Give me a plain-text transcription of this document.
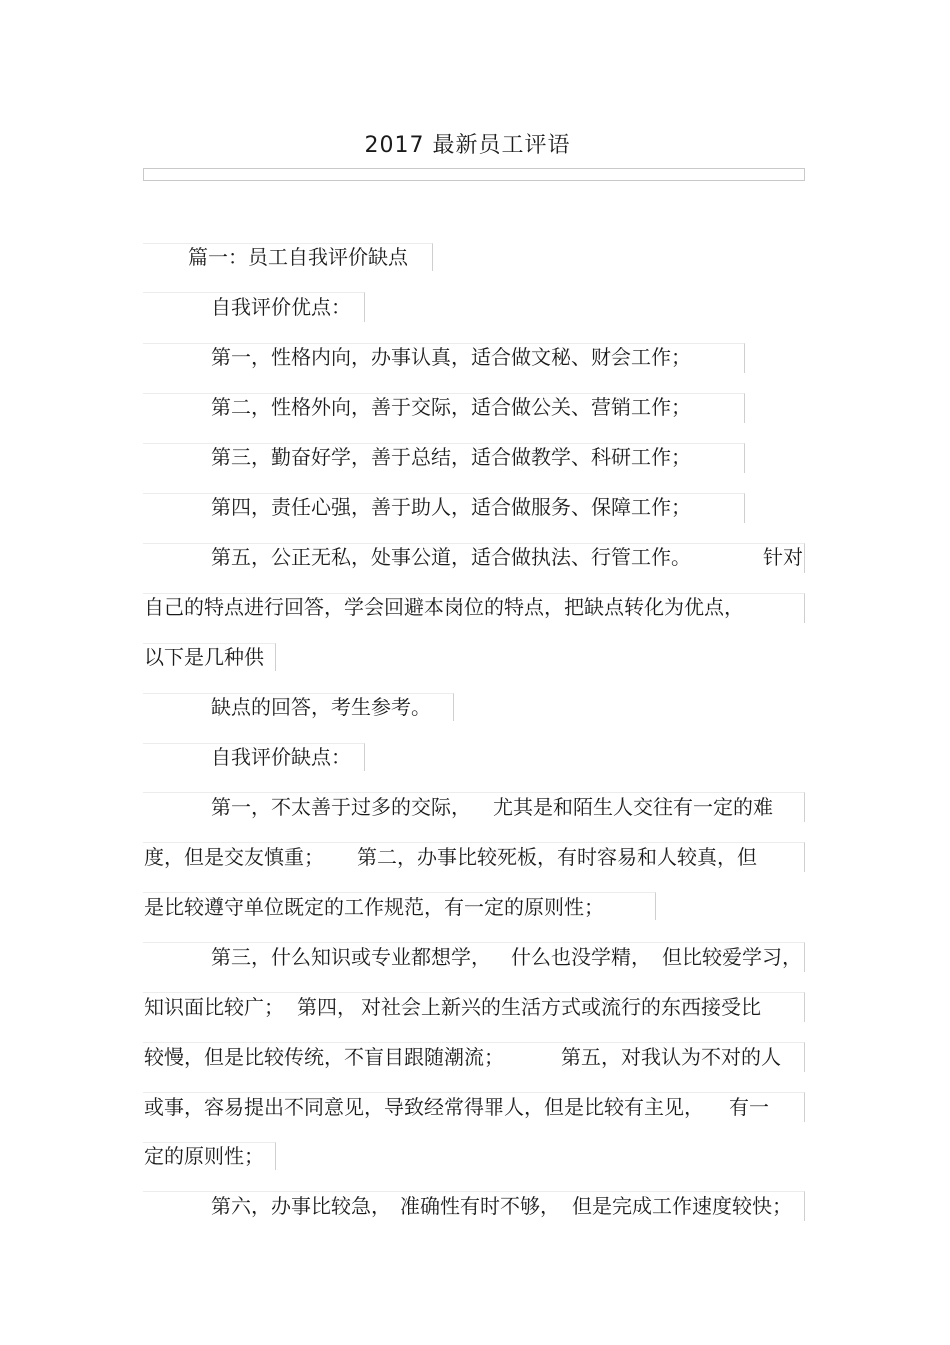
2017 最新员工评语
篇一：员工自我评价缺点
自我评价优点：
第一，性格内向，办事认真，适合做文秘、财会工作；
第二，性格外向，善于交际，适合做公关、营销工作；
第三，勤奋好学，善于总结，适合做教学、科研工作；
第四，责任心强，善于助人，适合做服务、保障工作；
第五，公正无私，处事公道，适合做执法、行管工作。	针对
自己的特点进行回答，学会回避本岗位的特点，把缺点转化为优点，
以下是几种供
缺点的回答，考生参考。
自我评价缺点：
第一，不太善于过多的交际， 尤其是和陌生人交往有一定的难
度，但是交友慎重； 第二，办事比较死板，有时容易和人较真，但
是比较遵守单位既定的工作规范，有一定的原则性；
第三，什么知识或专业都想学， 什么也没学精， 但比较爱学习，
知识面比较广； 第四， 对社会上新兴的生活方式或流行的东西接受比
较慢，但是比较传统，不盲目跟随潮流；	第五，对我认为不对的人
或事，容易提出不同意见，导致经常得罪人，但是比较有主见， 有一
定的原则性；
第六，办事比较急， 准确性有时不够， 但是完成工作速度较快；
